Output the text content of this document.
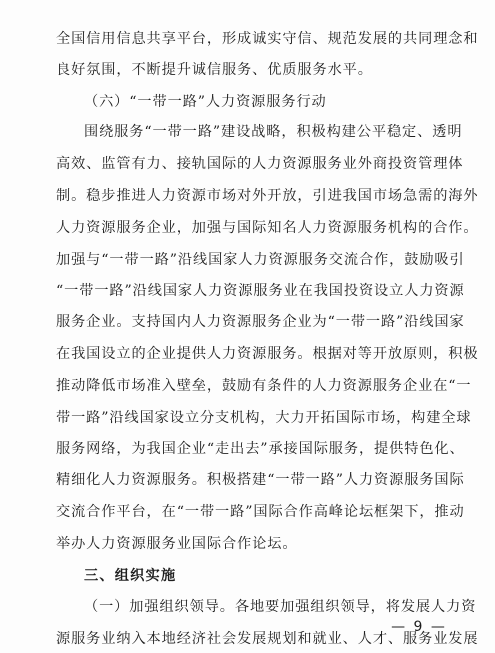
全国信用信息共享平台，形成诚实守信、规范发展的共同理念和
良好氛围，不断提升诚信服务、优质服务水平。
（六）“一带一路”人力资源服务行动
围绕服务“一带一路”建设战略，积极构建公平稳定、透明
高效、监管有力、接轨国际的人力资源服务业外商投资管理体
制。稳步推进人力资源市场对外开放，引进我国市场急需的海外
人力资源服务企业，加强与国际知名人力资源服务机构的合作。
加强与“一带一路”沿线国家人力资源服务交流合作，鼓励吸引
“一带一路”沿线国家人力资源服务业在我国投资设立人力资源
服务企业。支持国内人力资源服务企业为“一带一路”沿线国家
在我国设立的企业提供人力资源服务。根据对等开放原则，积极
推动降低市场准入壁垒，鼓励有条件的人力资源服务企业在“一
带一路”沿线国家设立分支机构，大力开拓国际市场，构建全球
服务网络，为我国企业“走出去”承接国际服务，提供特色化、
精细化人力资源服务。积极搭建“一带一路”人力资源服务国际
交流合作平台，在“一带一路”国际合作高峰论坛框架下，推动
举办人力资源服务业国际合作论坛。
三、组织实施
（一）加强组织领导。各地要加强组织领导，将发展人力资
源服务业纳入本地经济社会发展规划和就业、人才、服务业发展
— 9 —
